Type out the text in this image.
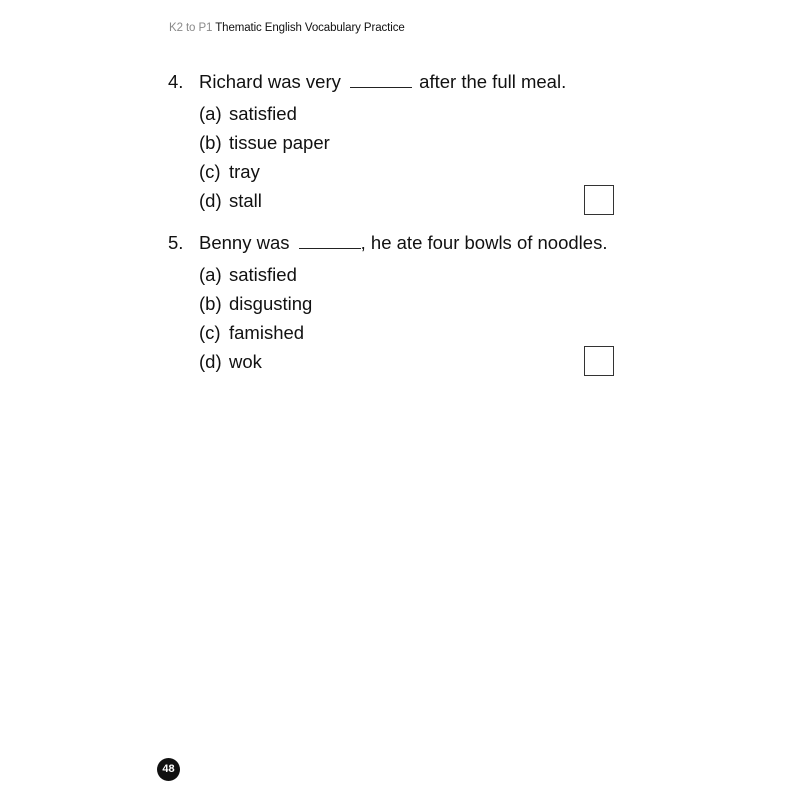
K2 to P1 Thematic English Vocabulary Practice
4. Richard was very	after the full meal.
(a) satisfied
(b) tissue paper
(c) tray
(d) stall
5. Benny was	, he ate four bowls of noodles.
(a) satisfied
(b) disgusting
(c) famished
(d) wok
48
